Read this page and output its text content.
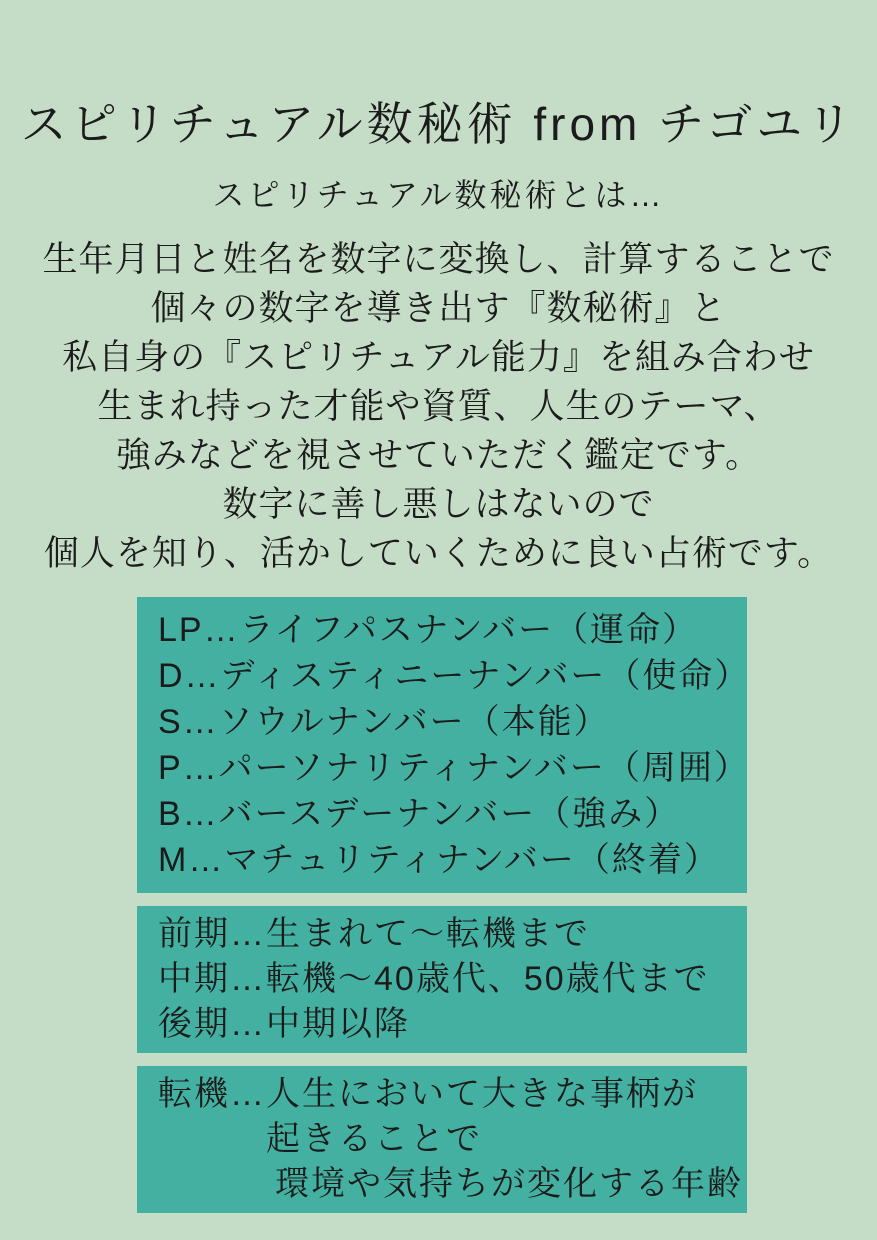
スピリチュアル数秘術 from チゴユリ
スピリチュアル数秘術とは…
生年月日と姓名を数字に変換し、計算することで
個々の数字を導き出す『数秘術』と
私自身の『スピリチュアル能力』を組み合わせ
生まれ持った才能や資質、人生のテーマ、
強みなどを視させていただく鑑定です。
数字に善し悪しはないので
個人を知り、活かしていくために良い占術です。
LP…ライフパスナンバー（運命）
D…ディスティニーナンバー（使命）
S…ソウルナンバー（本能）
P…パーソナリティナンバー（周囲）
B…バースデーナンバー（強み）
M…マチュリティナンバー（終着）
前期…生まれて～転機まで
中期…転機～40歳代、50歳代まで
後期…中期以降
転機…人生において大きな事柄が
起きることで
環境や気持ちが変化する年齢
